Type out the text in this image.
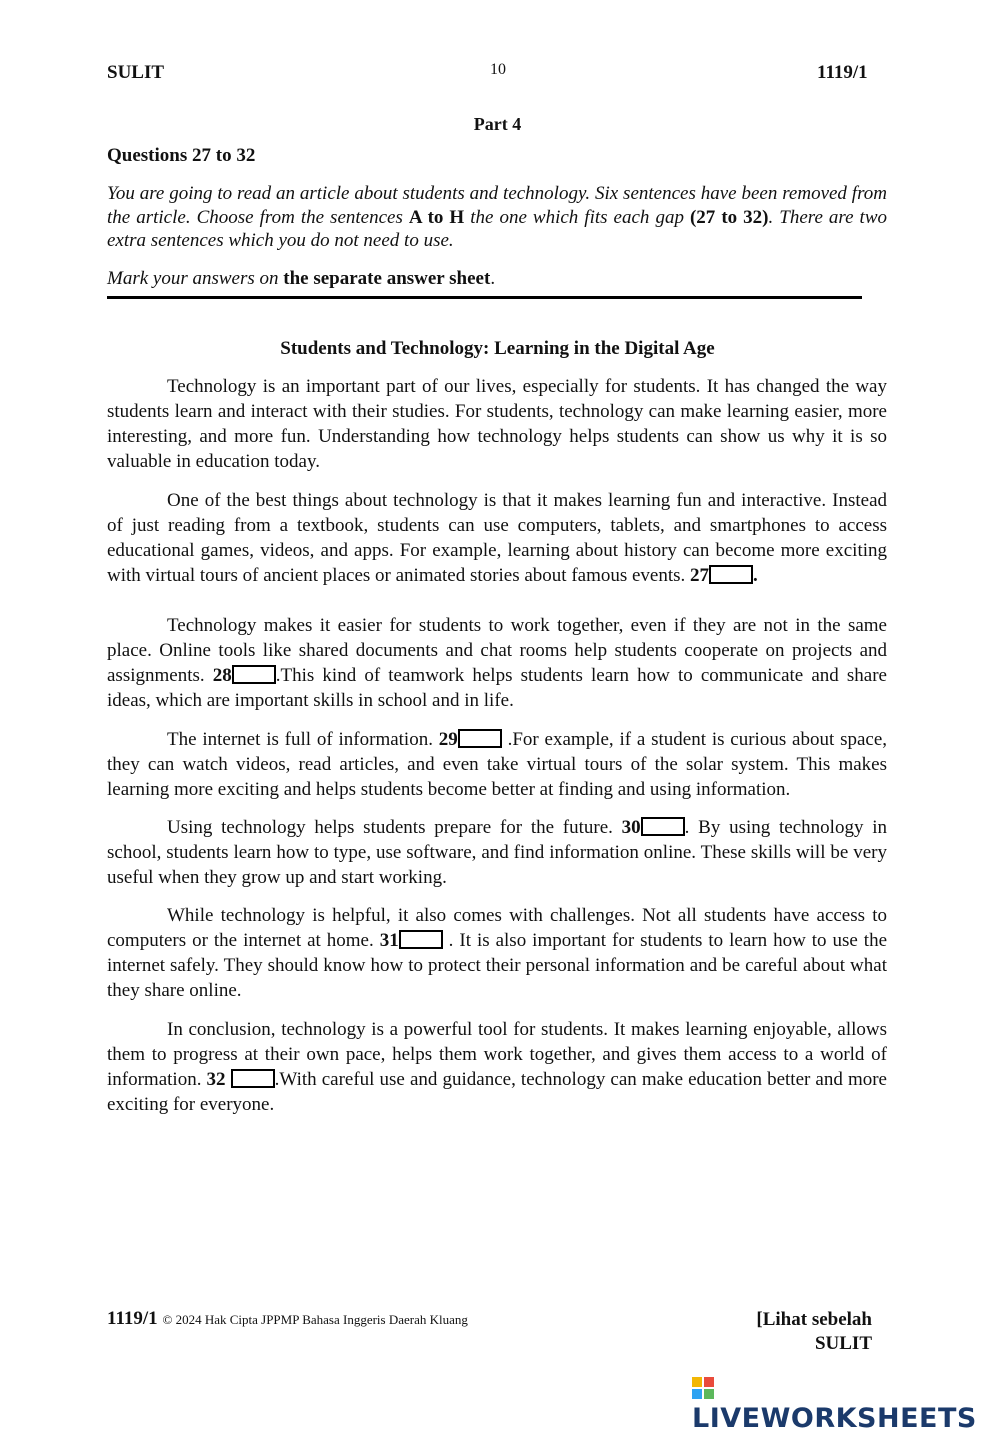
SULIT	10	1119/1
Part 4
Questions 27 to 32
You are going to read an article about students and technology. Six sentences have been removed from the article. Choose from the sentences A to H the one which fits each gap (27 to 32). There are two extra sentences which you do not need to use.
Mark your answers on the separate answer sheet.
Students and Technology: Learning in the Digital Age

Technology is an important part of our lives, especially for students. It has changed the way students learn and interact with their studies. For students, technology can make learning easier, more interesting, and more fun. Understanding how technology helps students can show us why it is so valuable in education today.

One of the best things about technology is that it makes learning fun and interactive. Instead of just reading from a textbook, students can use computers, tablets, and smartphones to access educational games, videos, and apps. For example, learning about history can become more exciting with virtual tours of ancient places or animated stories about famous events. 27 .

Technology makes it easier for students to work together, even if they are not in the same place. Online tools like shared documents and chat rooms help students cooperate on projects and assignments. 28 .This kind of teamwork helps students learn how to communicate and share ideas, which are important skills in school and in life.

The internet is full of information. 29 .For example, if a student is curious about space, they can watch videos, read articles, and even take virtual tours of the solar system. This makes learning more exciting and helps students become better at finding and using information.

Using technology helps students prepare for the future. 30 . By using technology in school, students learn how to type, use software, and find information online. These skills will be very useful when they grow up and start working.

While technology is helpful, it also comes with challenges. Not all students have access to computers or the internet at home. 31 . It is also important for students to learn how to use the internet safely. They should know how to protect their personal information and be careful about what they share online.

In conclusion, technology is a powerful tool for students. It makes learning enjoyable, allows them to progress at their own pace, helps them work together, and gives them access to a world of information. 32	.With careful use and guidance, technology can make education better and more exciting for everyone.

1119/1 © 2024 Hak Cipta JPPMP Bahasa Inggeris Daerah Kluang	[Lihat sebelah
SULIT
LIVEWORKSHEETS
